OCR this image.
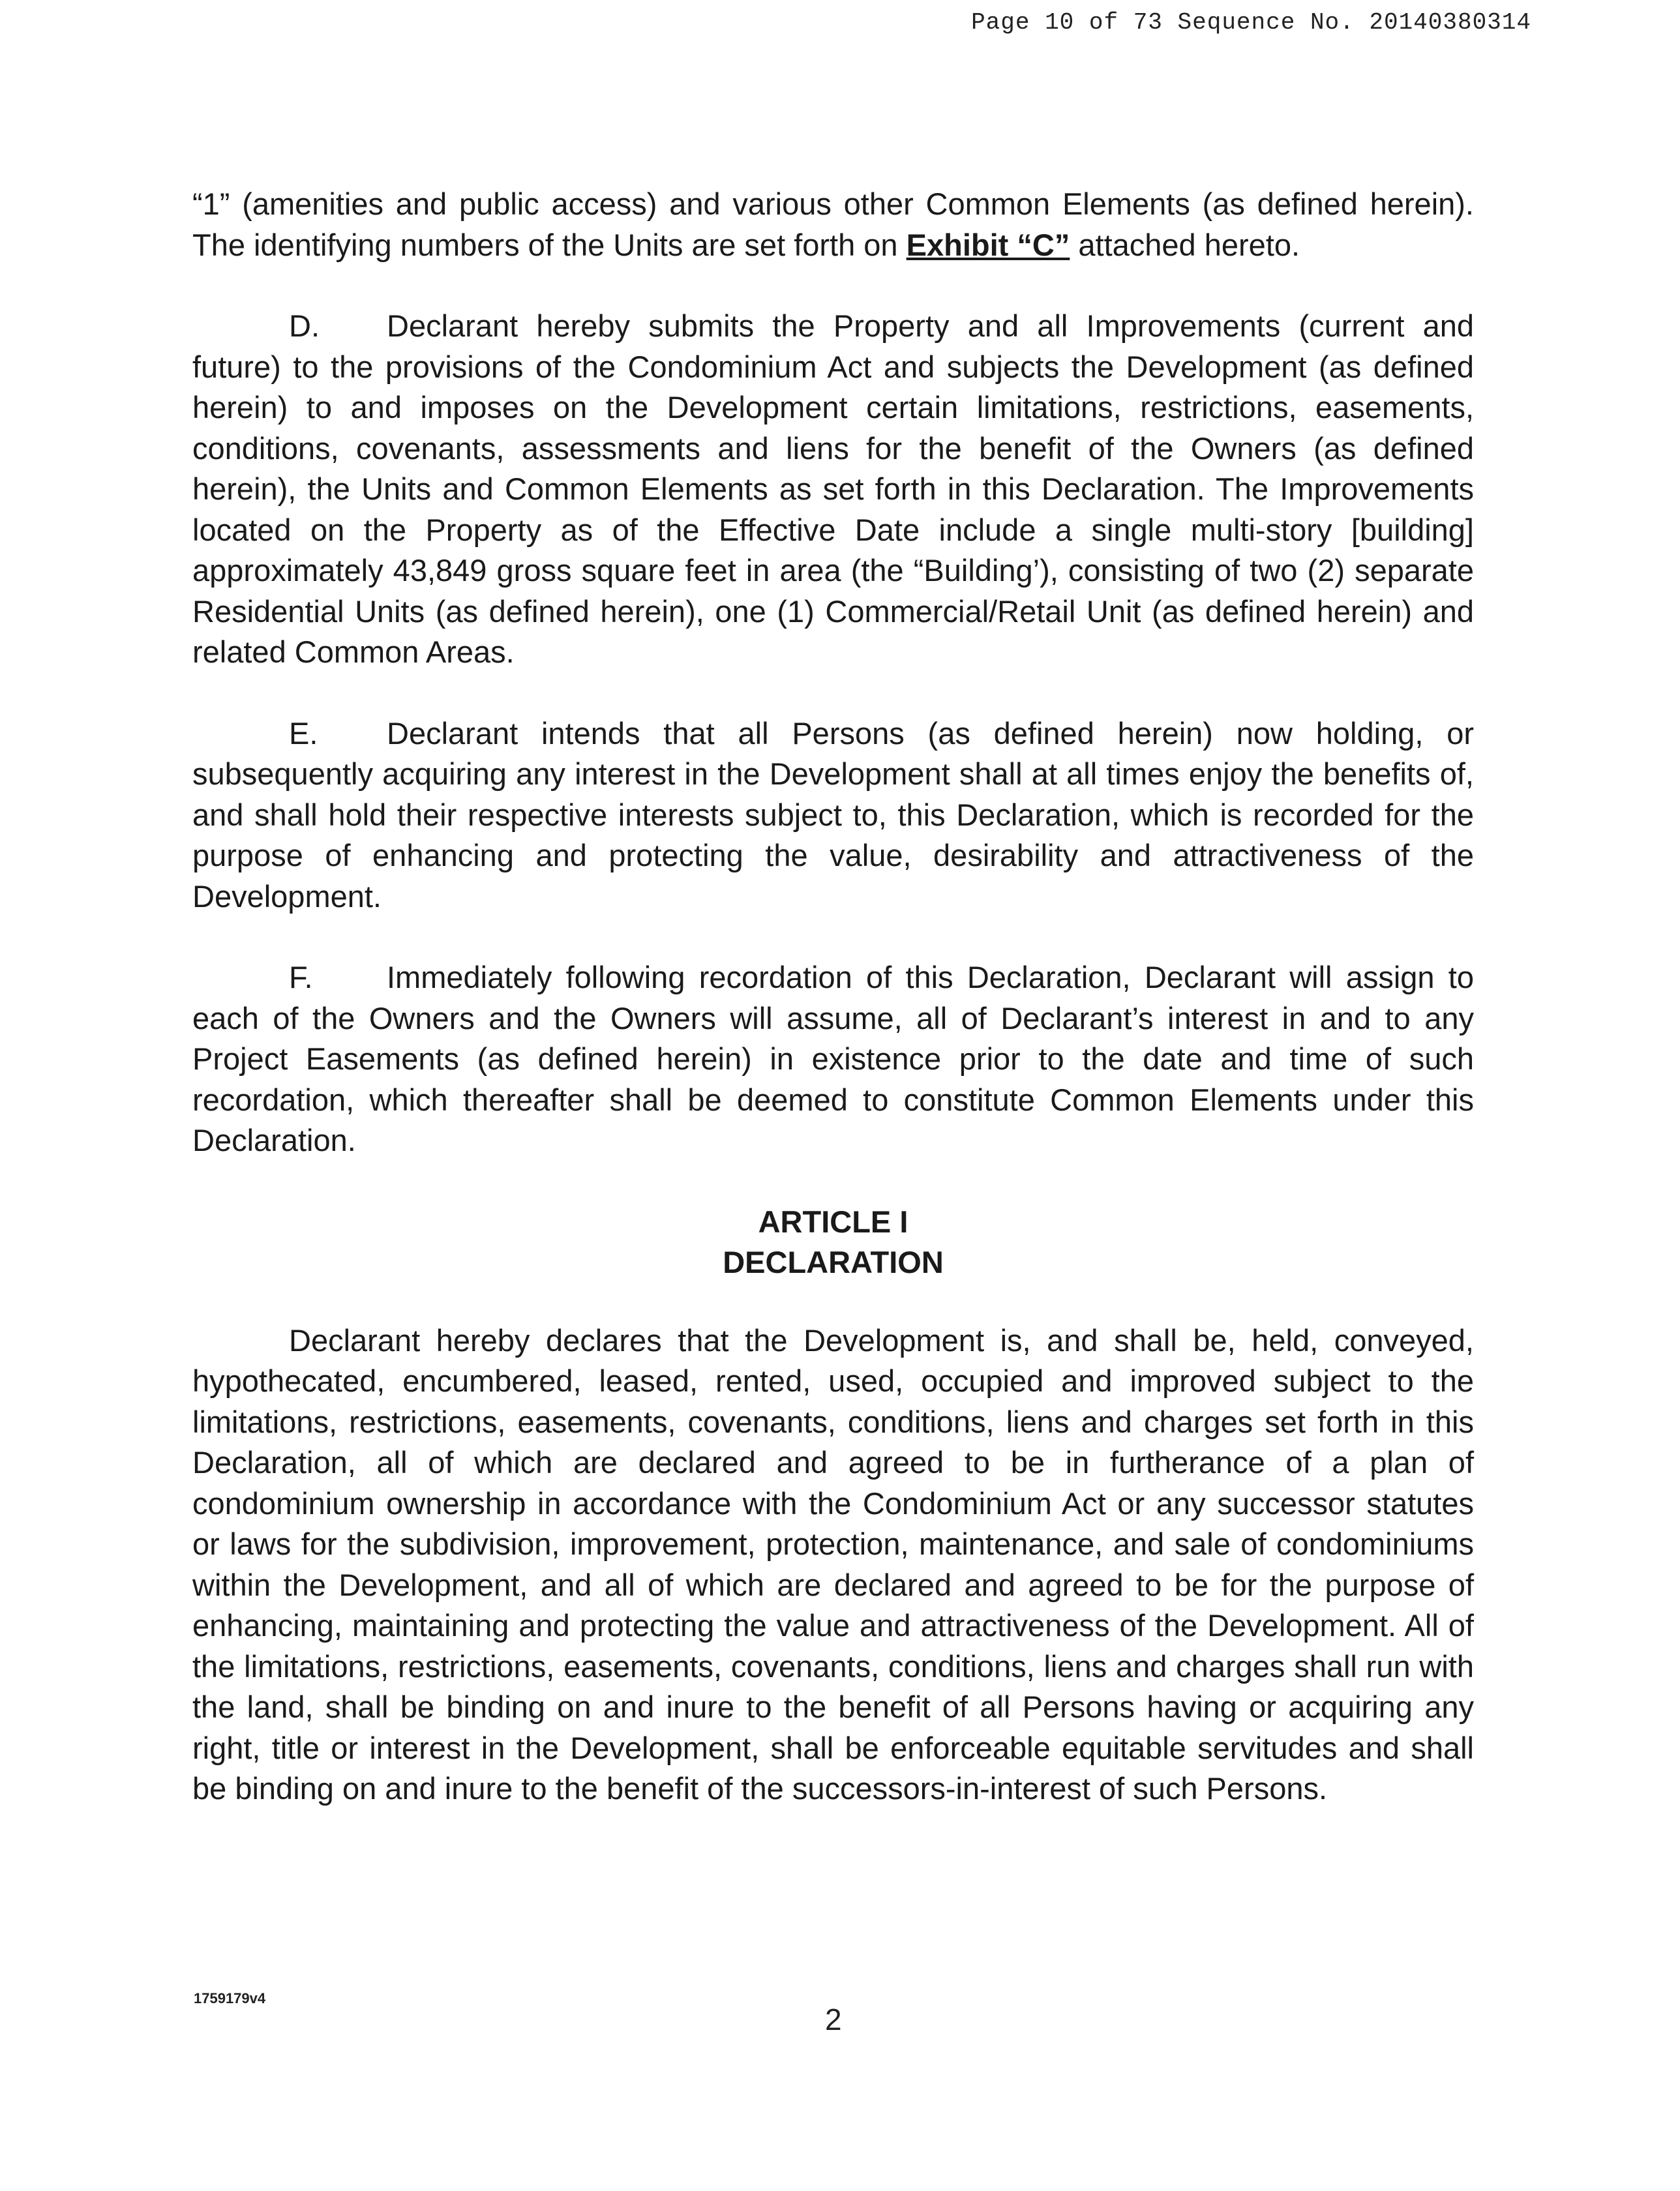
Page 10 of 73 Sequence No. 20140380314

“1” (amenities and public access) and various other Common Elements (as defined herein). The identifying numbers of the Units are set forth on Exhibit “C” attached hereto.

D. Declarant hereby submits the Property and all Improvements (current and future) to the provisions of the Condominium Act and subjects the Development (as defined herein) to and imposes on the Development certain limitations, restrictions, easements, conditions, covenants, assessments and liens for the benefit of the Owners (as defined herein), the Units and Common Elements as set forth in this Declaration. The Improvements located on the Property as of the Effective Date include a single multi-story [building] approximately 43,849 gross square feet in area (the “Building’), consisting of two (2) separate Residential Units (as defined herein), one (1) Commercial/Retail Unit (as defined herein) and related Common Areas.

E. Declarant intends that all Persons (as defined herein) now holding, or subsequently acquiring any interest in the Development shall at all times enjoy the benefits of, and shall hold their respective interests subject to, this Declaration, which is recorded for the purpose of enhancing and protecting the value, desirability and attractiveness of the Development.

F. Immediately following recordation of this Declaration, Declarant will assign to each of the Owners and the Owners will assume, all of Declarant’s interest in and to any Project Easements (as defined herein) in existence prior to the date and time of such recordation, which thereafter shall be deemed to constitute Common Elements under this Declaration.

ARTICLE I

DECLARATION

Declarant hereby declares that the Development is, and shall be, held, conveyed, hypothecated, encumbered, leased, rented, used, occupied and improved subject to the limitations, restrictions, easements, covenants, conditions, liens and charges set forth in this Declaration, all of which are declared and agreed to be in furtherance of a plan of condominium ownership in accordance with the Condominium Act or any successor statutes or laws for the subdivision, improvement, protection, maintenance, and sale of condominiums within the Development, and all of which are declared and agreed to be for the purpose of enhancing, maintaining and protecting the value and attractiveness of the Development. All of the limitations, restrictions, easements, covenants, conditions, liens and charges shall run with the land, shall be binding on and inure to the benefit of all Persons having or acquiring any right, title or interest in the Development, shall be enforceable equitable servitudes and shall be binding on and inure to the benefit of the successors-in-interest of such Persons.

1759179v4
2
